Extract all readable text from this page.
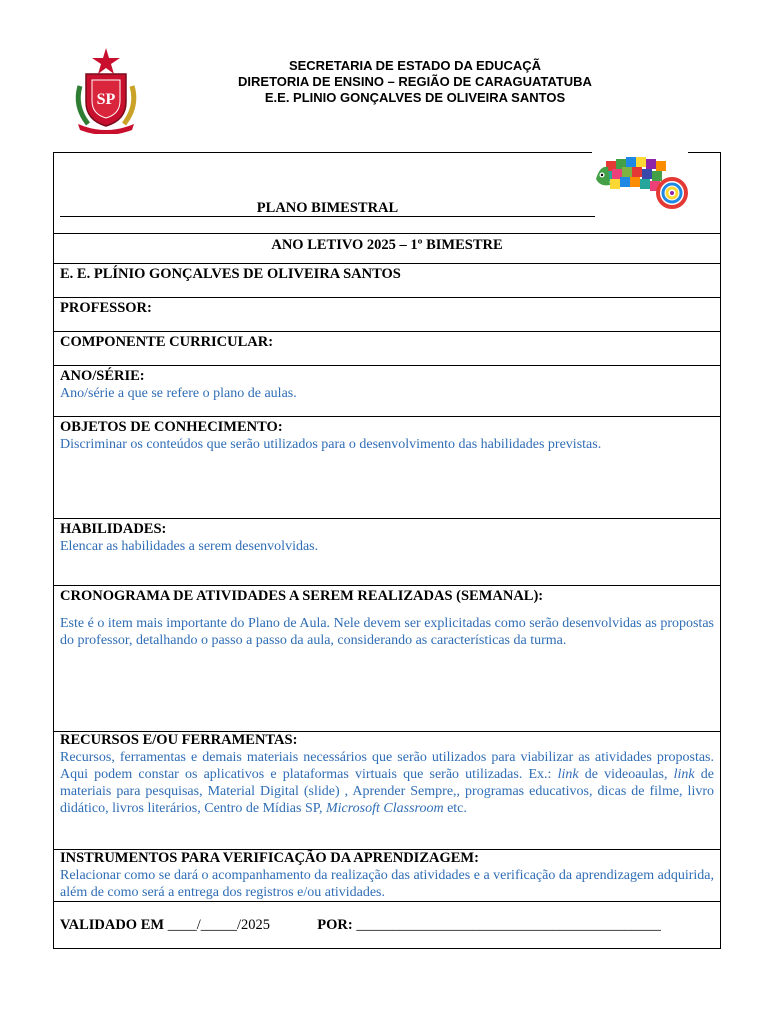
SP
SECRETARIA DE ESTADO DA EDUCAÇÃ
DIRETORIA DE ENSINO – REGIÃO DE CARAGUATATUBA
E.E. PLINIO GONÇALVES DE OLIVEIRA SANTOS
PLANO BIMESTRAL
ANO LETIVO 2025 – 1º BIMESTRE
E. E. PLÍNIO GONÇALVES DE OLIVEIRA SANTOS
PROFESSOR:
COMPONENTE CURRICULAR:
ANO/SÉRIE:
Ano/série a que se refere o plano de aulas.
OBJETOS DE CONHECIMENTO:
Discriminar os conteúdos que serão utilizados para o desenvolvimento das habilidades previstas.
HABILIDADES:
Elencar as habilidades a serem desenvolvidas.
CRONOGRAMA DE ATIVIDADES A SEREM REALIZADAS (SEMANAL):
Este é o item mais importante do Plano de Aula. Nele devem ser explicitadas como serão desenvolvidas as propostas do professor, detalhando o passo a passo da aula, considerando as características da turma.
RECURSOS E/OU FERRAMENTAS:
Recursos, ferramentas e demais materiais necessários que serão utilizados para viabilizar as atividades propostas. Aqui podem constar os aplicativos e plataformas virtuais que serão utilizadas. Ex.: link de videoaulas, link de materiais para pesquisas, Material Digital (slide) , Aprender Sempre,, programas educativos, dicas de filme, livro didático, livros literários, Centro de Mídias SP, Microsoft Classroom etc.
INSTRUMENTOS PARA VERIFICAÇÃO DA APRENDIZAGEM:
Relacionar como se dará o acompanhamento da realização das atividades e a verificação da aprendizagem adquirida, além de como será a entrega dos registros e/ou atividades.
VALIDADO EM ____/_____/2025	POR: __________________________________________
